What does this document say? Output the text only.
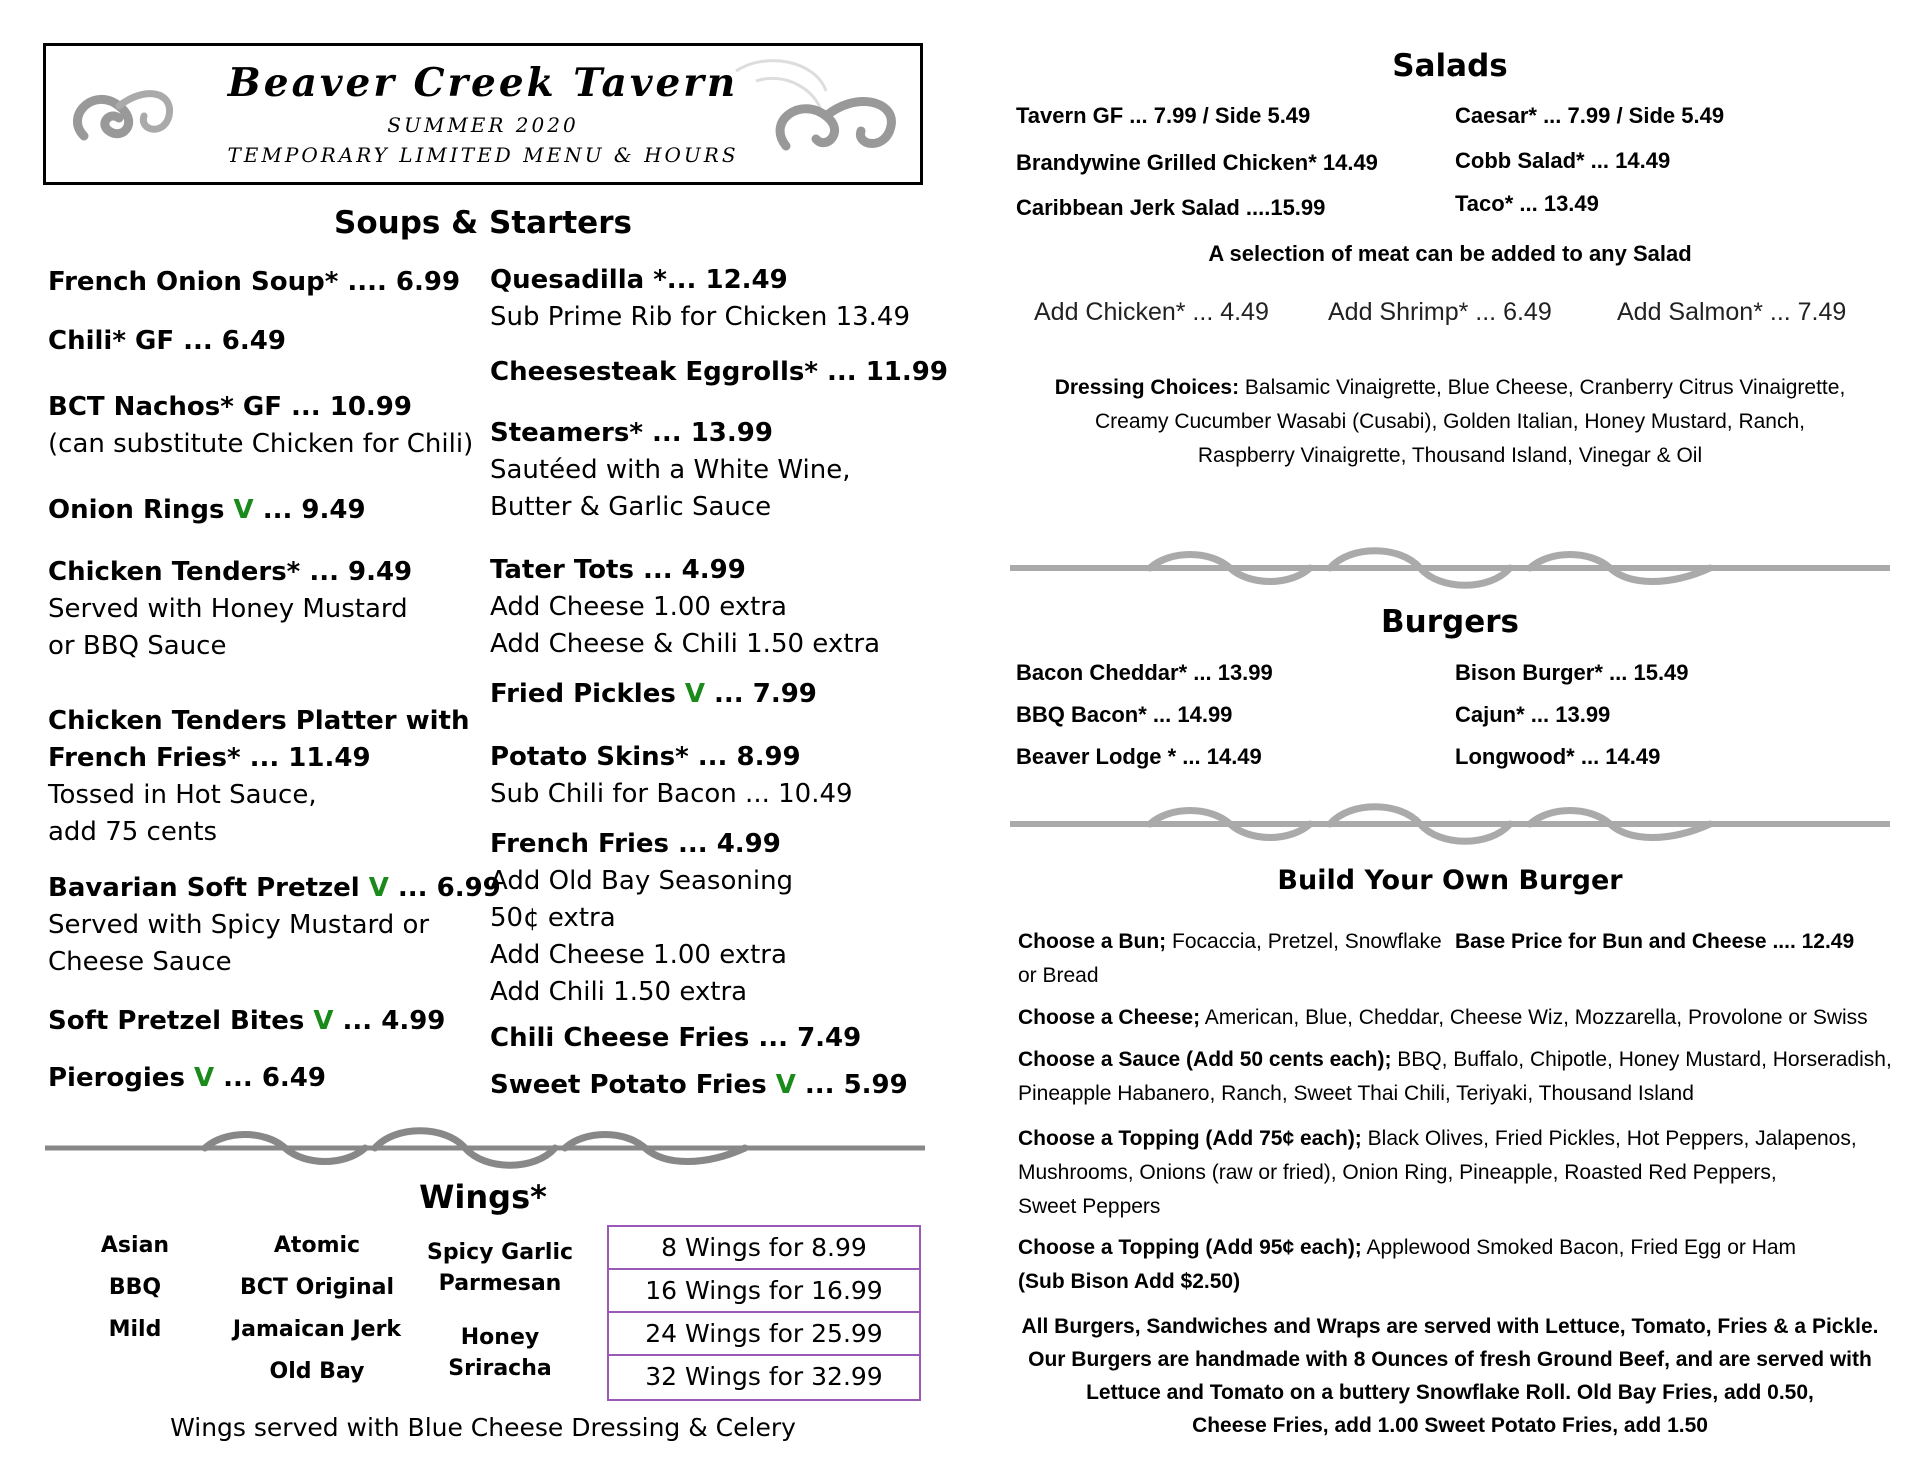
Beaver Creek Tavern
SUMMER 2020
TEMPORARY LIMITED MENU & HOURS
Soups & Starters
French Onion Soup* .... 6.99
Chili* GF ... 6.49
BCT Nachos* GF ... 10.99
(can substitute Chicken for Chili)
Onion Rings V ... 9.49
Chicken Tenders* ... 9.49
Served with Honey Mustard
or BBQ Sauce
Chicken Tenders Platter with
French Fries* ... 11.49
Tossed in Hot Sauce,
add 75 cents
Bavarian Soft Pretzel V ... 6.99
Served with Spicy Mustard or
Cheese Sauce
Soft Pretzel Bites V ... 4.99
Pierogies V ... 6.49
Quesadilla *... 12.49
Sub Prime Rib for Chicken 13.49
Cheesesteak Eggrolls* ... 11.99
Steamers* ... 13.99
Sautéed with a White Wine,
Butter & Garlic Sauce
Tater Tots ... 4.99
Add Cheese 1.00 extra
Add Cheese & Chili 1.50 extra
Fried Pickles V ... 7.99
Potato Skins* ... 8.99
Sub Chili for Bacon ... 10.49
French Fries ... 4.99
Add Old Bay Seasoning
50¢ extra
Add Cheese 1.00 extra
Add Chili 1.50 extra
Chili Cheese Fries ... 7.49
Sweet Potato Fries V ... 5.99
Wings*
Asian
BBQ
Mild
Atomic
BCT Original
Jamaican Jerk
Old Bay
Spicy Garlic
Parmesan
Honey
Sriracha
8 Wings for 8.99
16 Wings for 16.99
24 Wings for 25.99
32 Wings for 32.99
Wings served with Blue Cheese Dressing & Celery
Salads
Tavern GF ... 7.99 / Side 5.49	Caesar* ... 7.99 / Side 5.49
Brandywine Grilled Chicken* 14.49	Cobb Salad* ... 14.49
Caribbean Jerk Salad ....15.99	Taco* ... 13.49
A selection of meat can be added to any Salad
Add Chicken* ... 4.49 Add Shrimp* ... 6.49	Add Salmon* ... 7.49
Dressing Choices: Balsamic Vinaigrette, Blue Cheese, Cranberry Citrus Vinaigrette,
Creamy Cucumber Wasabi (Cusabi), Golden Italian, Honey Mustard, Ranch,
Raspberry Vinaigrette, Thousand Island, Vinegar & Oil
Burgers
Bacon Cheddar* ... 13.99	Bison Burger* ... 15.49
BBQ Bacon* ... 14.99	Cajun* ... 13.99
Beaver Lodge * ... 14.49	Longwood* ... 14.49
Build Your Own Burger
Choose a Bun; Focaccia, Pretzel, Snowflake
or Bread
Base Price for Bun and Cheese .... 12.49
Choose a Cheese; American, Blue, Cheddar, Cheese Wiz, Mozzarella, Provolone or Swiss
Choose a Sauce (Add 50 cents each); BBQ, Buffalo, Chipotle, Honey Mustard, Horseradish,
Pineapple Habanero, Ranch, Sweet Thai Chili, Teriyaki, Thousand Island
Choose a Topping (Add 75¢ each); Black Olives, Fried Pickles, Hot Peppers, Jalapenos,
Mushrooms, Onions (raw or fried), Onion Ring, Pineapple, Roasted Red Peppers,
Sweet Peppers
Choose a Topping (Add 95¢ each); Applewood Smoked Bacon, Fried Egg or Ham
(Sub Bison Add $2.50)
All Burgers, Sandwiches and Wraps are served with Lettuce, Tomato, Fries & a Pickle.
Our Burgers are handmade with 8 Ounces of fresh Ground Beef, and are served with
Lettuce and Tomato on a buttery Snowflake Roll. Old Bay Fries, add 0.50,
Cheese Fries, add 1.00 Sweet Potato Fries, add 1.50
